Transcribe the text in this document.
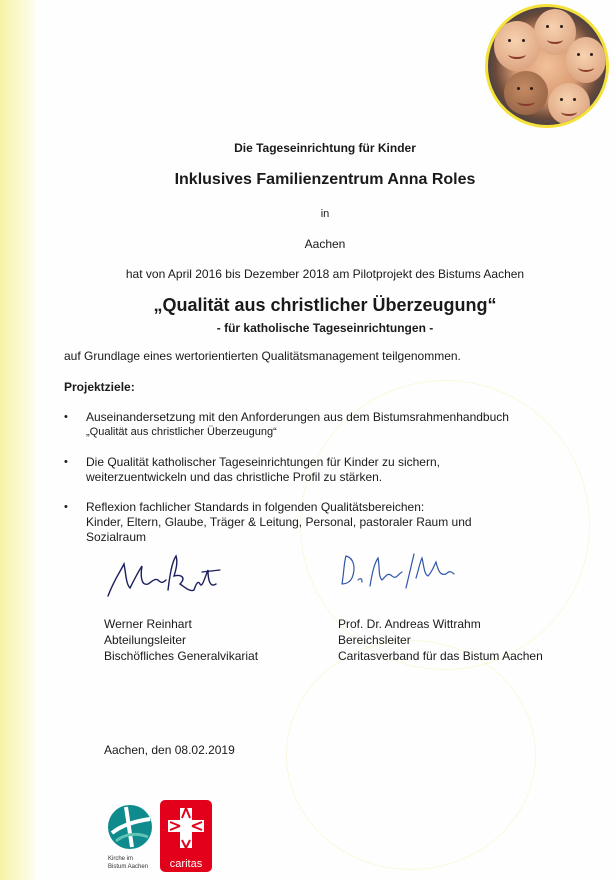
Die Tageseinrichtung für Kinder
Inklusives Familienzentrum Anna Roles
in
Aachen
hat von April 2016 bis Dezember 2018 am Pilotprojekt des Bistums Aachen
„Qualität aus christlicher Überzeugung“
- für katholische Tageseinrichtungen -
auf Grundlage eines wertorientierten Qualitätsmanagement teilgenommen.
Projektziele:
• Auseinandersetzung mit den Anforderungen aus dem Bistumsrahmenhandbuch
„Qualität aus christlicher Überzeugung“
• Die Qualität katholischer Tageseinrichtungen für Kinder zu sichern,
weiterzuentwickeln und das christliche Profil zu stärken.
• Reflexion fachlicher Standards in folgenden Qualitätsbereichen:
Kinder, Eltern, Glaube, Träger & Leitung, Personal, pastoraler Raum und
Sozialraum
Werner Reinhart
Abteilungsleiter
Bischöfliches Generalvikariat
Prof. Dr. Andreas Wittrahm
Bereichsleiter
Caritasverband für das Bistum Aachen
Aachen, den 08.02.2019
Kirche im
Bistum Aachen	caritas
